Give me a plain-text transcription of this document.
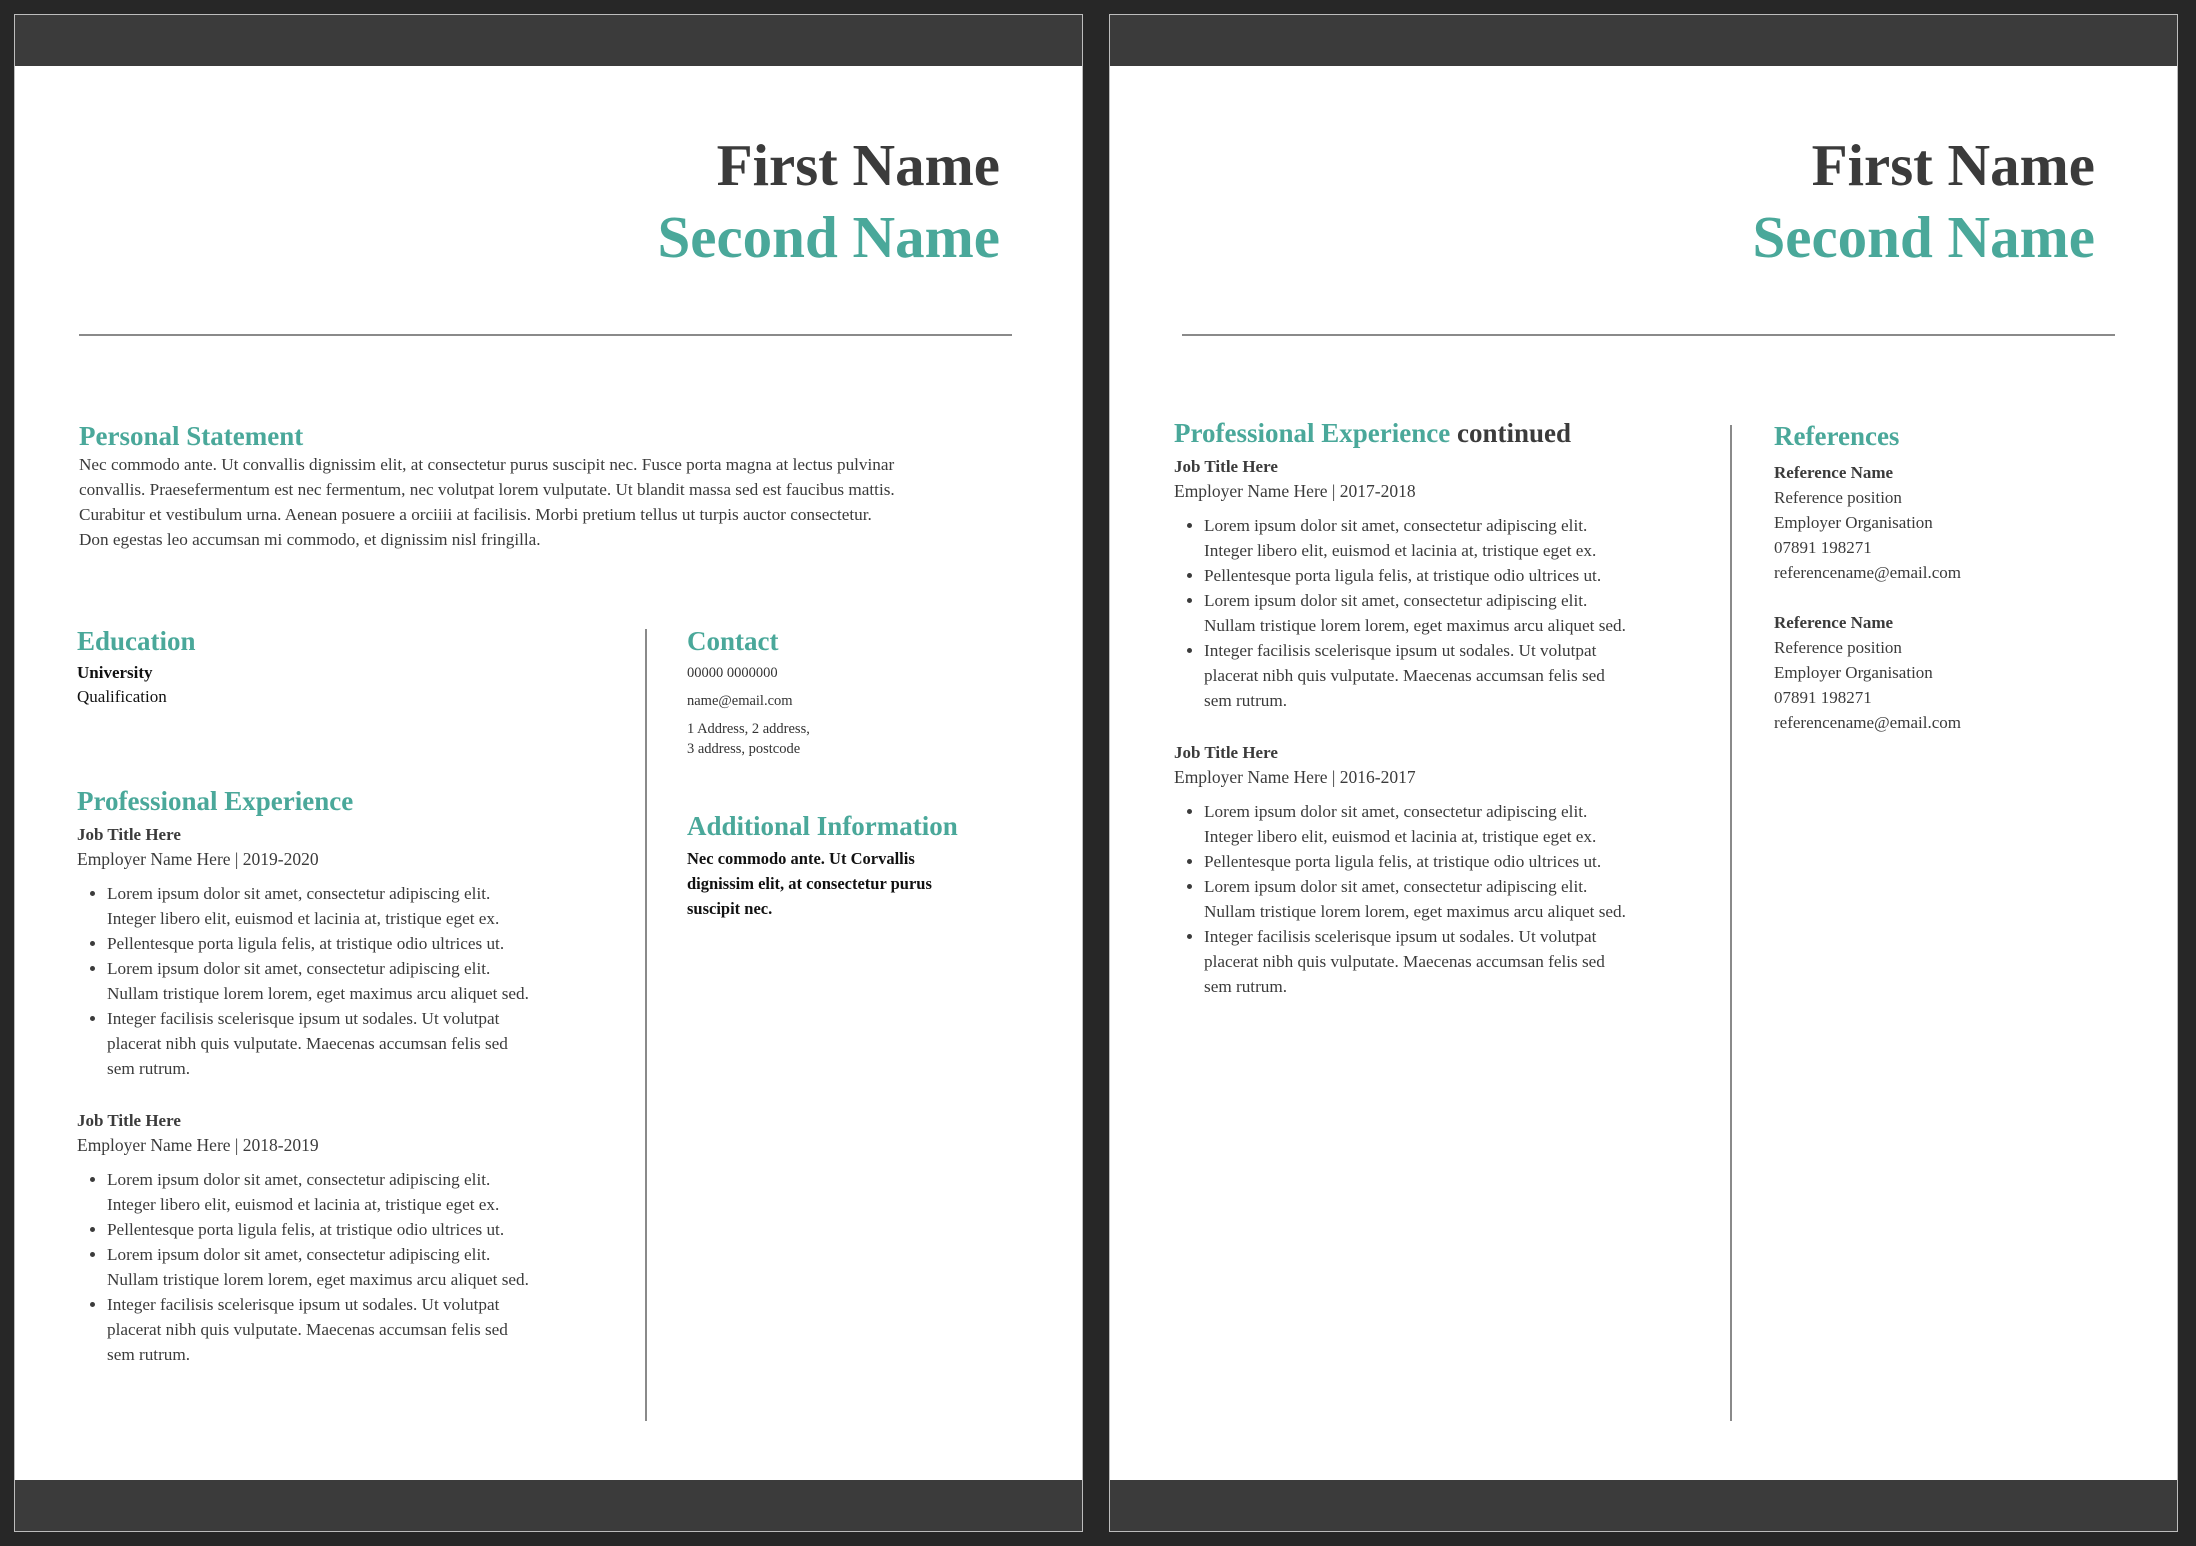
First Name
Second Name
Personal Statement
Nec commodo ante. Ut convallis dignissim elit, at consectetur purus suscipit nec. Fusce porta magna at lectus pulvinar
convallis. Praesefermentum est nec fermentum, nec volutpat lorem vulputate. Ut blandit massa sed est faucibus mattis.
Curabitur et vestibulum urna. Aenean posuere a orciiii at facilisis. Morbi pretium tellus ut turpis auctor consectetur.
Don egestas leo accumsan mi commodo, et dignissim nisl fringilla.
Education
University
Qualification
Professional Experience
Job Title Here
Employer Name Here | 2019-2020
• Lorem ipsum dolor sit amet, consectetur adipiscing elit.
Integer libero elit, euismod et lacinia at, tristique eget ex.
• Pellentesque porta ligula felis, at tristique odio ultrices ut.
• Lorem ipsum dolor sit amet, consectetur adipiscing elit.
Nullam tristique lorem lorem, eget maximus arcu aliquet sed.
• Integer facilisis scelerisque ipsum ut sodales. Ut volutpat
placerat nibh quis vulputate. Maecenas accumsan felis sed
sem rutrum.
Job Title Here
Employer Name Here | 2018-2019
• Lorem ipsum dolor sit amet, consectetur adipiscing elit.
Integer libero elit, euismod et lacinia at, tristique eget ex.
• Pellentesque porta ligula felis, at tristique odio ultrices ut.
• Lorem ipsum dolor sit amet, consectetur adipiscing elit.
Nullam tristique lorem lorem, eget maximus arcu aliquet sed.
• Integer facilisis scelerisque ipsum ut sodales. Ut volutpat
placerat nibh quis vulputate. Maecenas accumsan felis sed
sem rutrum.
Contact
00000 0000000
name@email.com
1 Address, 2 address,
3 address, postcode
Additional Information
Nec commodo ante. Ut Corvallis
dignissim elit, at consectetur purus
suscipit nec.
First Name
Second Name
Professional Experience continued
Job Title Here
Employer Name Here | 2017-2018
• Lorem ipsum dolor sit amet, consectetur adipiscing elit.
Integer libero elit, euismod et lacinia at, tristique eget ex.
• Pellentesque porta ligula felis, at tristique odio ultrices ut.
• Lorem ipsum dolor sit amet, consectetur adipiscing elit.
Nullam tristique lorem lorem, eget maximus arcu aliquet sed.
• Integer facilisis scelerisque ipsum ut sodales. Ut volutpat
placerat nibh quis vulputate. Maecenas accumsan felis sed
sem rutrum.
Job Title Here
Employer Name Here | 2016-2017
• Lorem ipsum dolor sit amet, consectetur adipiscing elit.
Integer libero elit, euismod et lacinia at, tristique eget ex.
• Pellentesque porta ligula felis, at tristique odio ultrices ut.
• Lorem ipsum dolor sit amet, consectetur adipiscing elit.
Nullam tristique lorem lorem, eget maximus arcu aliquet sed.
• Integer facilisis scelerisque ipsum ut sodales. Ut volutpat
placerat nibh quis vulputate. Maecenas accumsan felis sed
sem rutrum.
References
Reference Name
Reference position
Employer Organisation
07891 198271
referencename@email.com
Reference Name
Reference position
Employer Organisation
07891 198271
referencename@email.com
